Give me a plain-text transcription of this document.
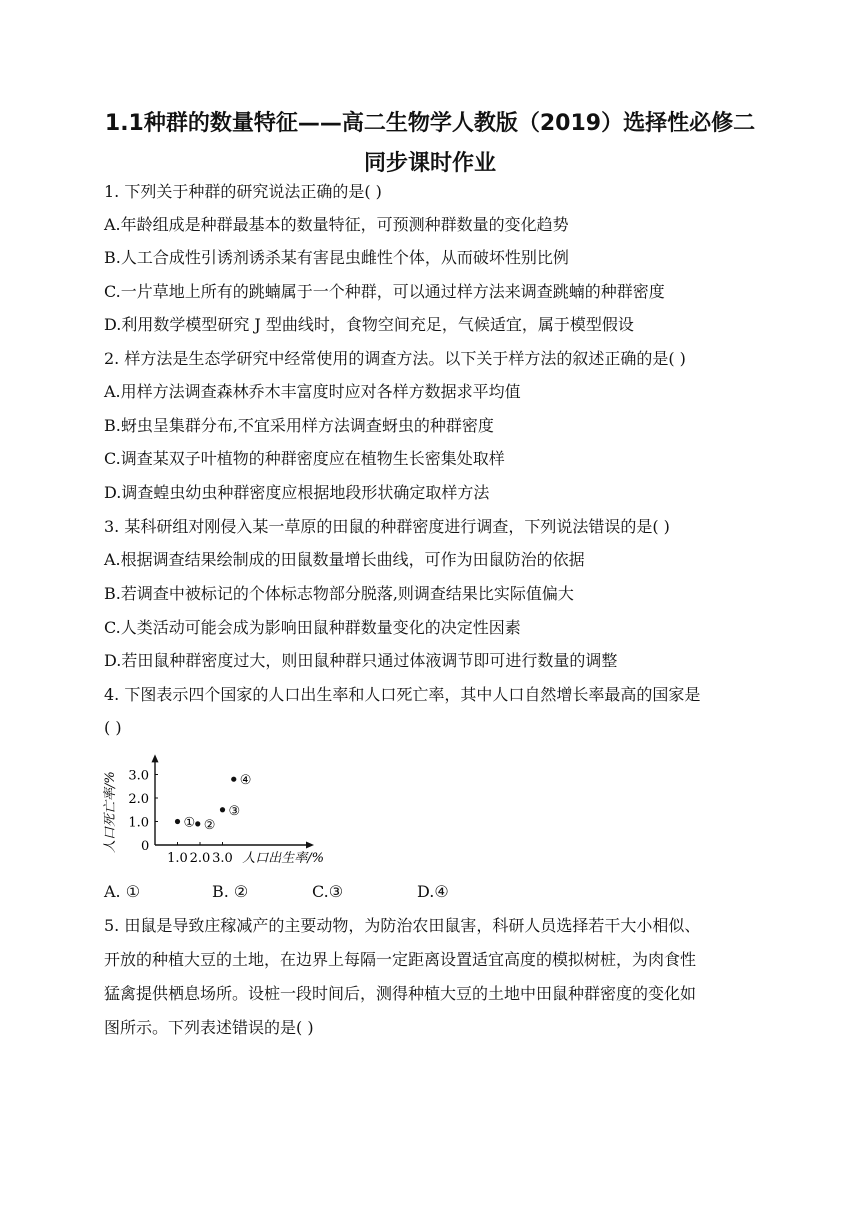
1.1种群的数量特征——高二生物学人教版（2019）选择性必修二同步课时作业
1. 下列关于种群的研究说法正确的是( )
A.年龄组成是种群最基本的数量特征，可预测种群数量的变化趋势
B.人工合成性引诱剂诱杀某有害昆虫雌性个体，从而破坏性别比例
C.一片草地上所有的跳蝻属于一个种群，可以通过样方法来调查跳蝻的种群密度
D.利用数学模型研究 J 型曲线时，食物空间充足，气候适宜，属于模型假设
2. 样方法是生态学研究中经常使用的调查方法。以下关于样方法的叙述正确的是( )
A.用样方法调查森林乔木丰富度时应对各样方数据求平均值
B.蚜虫呈集群分布,不宜采用样方法调查蚜虫的种群密度
C.调查某双子叶植物的种群密度应在植物生长密集处取样
D.调查蝗虫幼虫种群密度应根据地段形状确定取样方法
3. 某科研组对刚侵入某一草原的田鼠的种群密度进行调查，下列说法错误的是( )
A.根据调查结果绘制成的田鼠数量增长曲线，可作为田鼠防治的依据
B.若调查中被标记的个体标志物部分脱落,则调查结果比实际值偏大
C.人类活动可能会成为影响田鼠种群数量变化的决定性因素
D.若田鼠种群密度过大，则田鼠种群只通过体液调节即可进行数量的调整
4. 下图表示四个国家的人口出生率和人口死亡率，其中人口自然增长率最高的国家是
( )
0
1.0 2.0 3.0
1.0
2.0
3.0
人口出生率/%
人口死亡率/%	① ②
③
④
A. ①	B. ②	C.③	D.④
5. 田鼠是导致庄稼减产的主要动物，为防治农田鼠害，科研人员选择若干大小相似、
开放的种植大豆的土地，在边界上每隔一定距离设置适宜高度的模拟树桩，为肉食性
猛禽提供栖息场所。设桩一段时间后，测得种植大豆的土地中田鼠种群密度的变化如
图所示。下列表述错误的是( )
